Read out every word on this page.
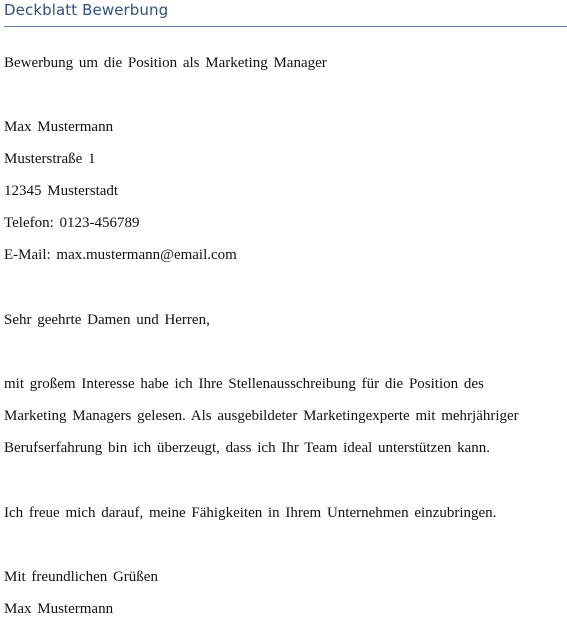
Deckblatt Bewerbung
Bewerbung um die Position als Marketing Manager
Max Mustermann
Musterstraße 1
12345 Musterstadt
Telefon: 0123-456789
E-Mail: max.mustermann@email.com
Sehr geehrte Damen und Herren,
mit großem Interesse habe ich Ihre Stellenausschreibung für die Position des
Marketing Managers gelesen. Als ausgebildeter Marketingexperte mit mehrjähriger
Berufserfahrung bin ich überzeugt, dass ich Ihr Team ideal unterstützen kann.
Ich freue mich darauf, meine Fähigkeiten in Ihrem Unternehmen einzubringen.
Mit freundlichen Grüßen
Max Mustermann
